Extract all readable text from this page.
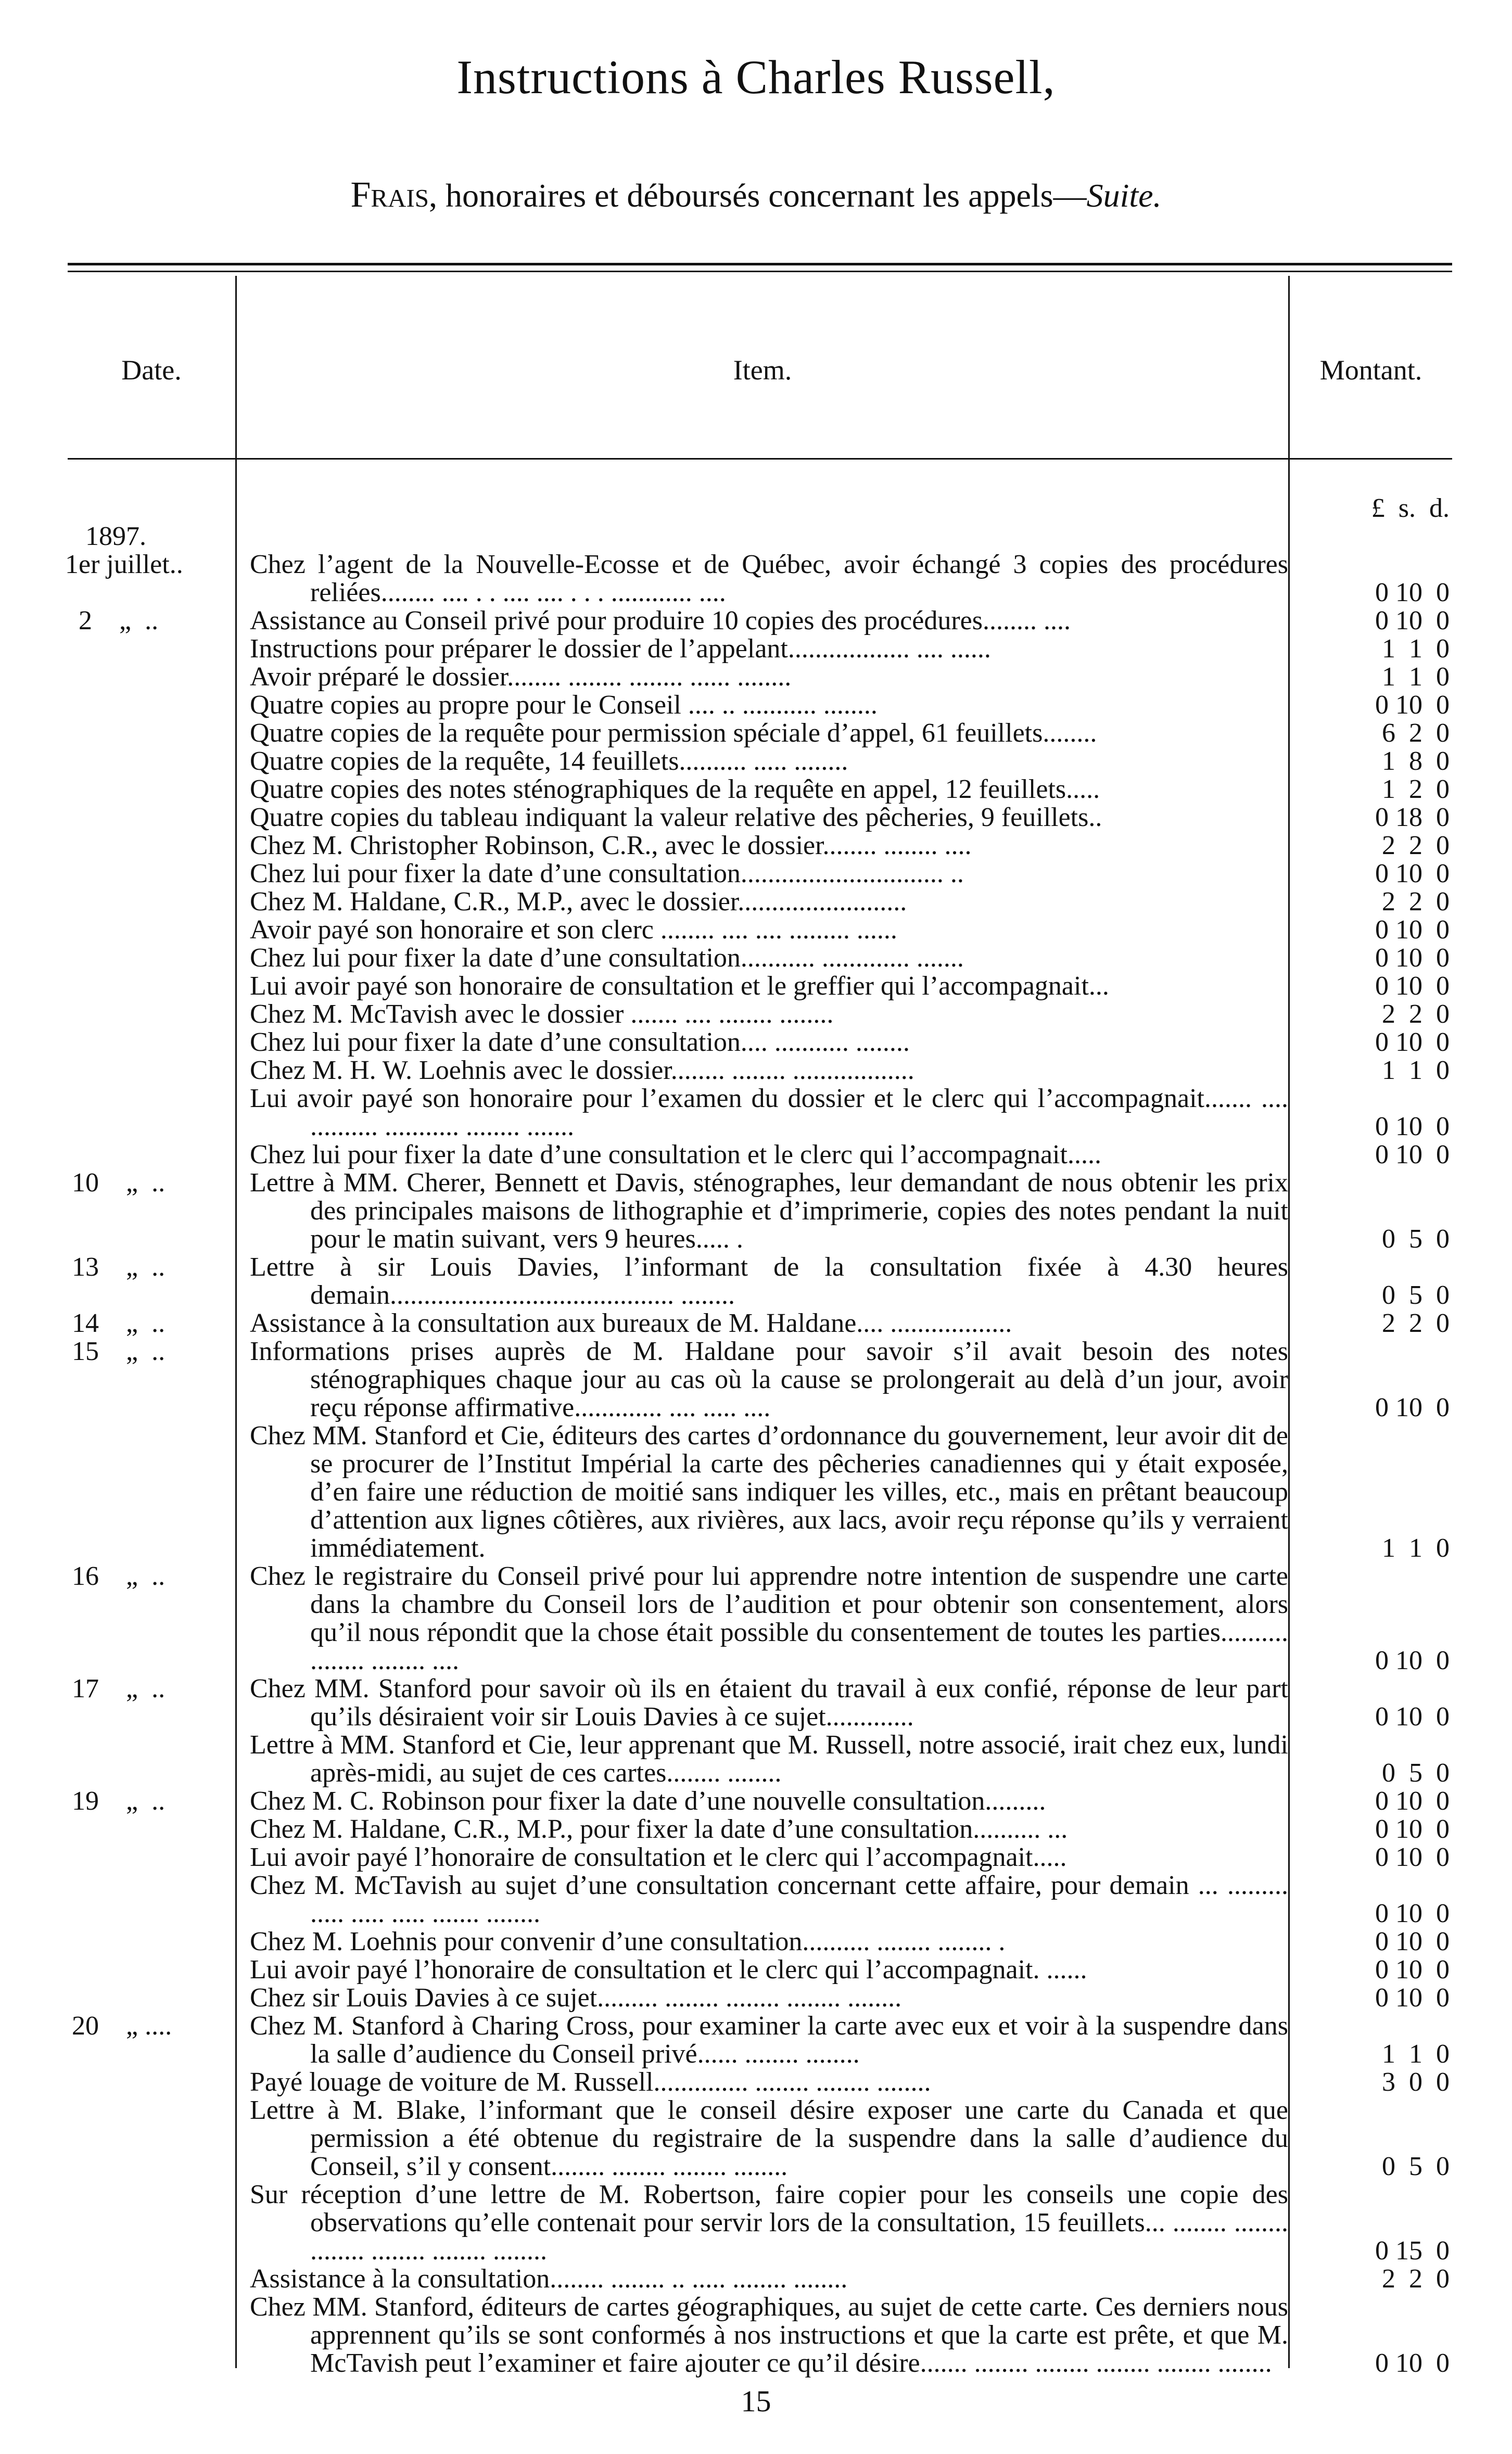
Instructions à Charles Russell,
Frais, honoraires et déboursés concernant les appels—Suite.
Date.	Item.	Montant.
£  s.  d.

1897.

1er juillet..	Chez l’agent de la Nouvelle-Ecosse et de Québec, avoir échangé 3 copies des procédures reliées........ .... . . .... .... . . . ............ ....	0 10  0
2    „  ..	Assistance au Conseil privé pour produire 10 copies des procédures........ ....	0 10  0
Instructions pour préparer le dossier de l’appelant.................. .... ......	1  1  0
Avoir préparé le dossier........ ........ ........ ...... ........	1  1  0
Quatre copies au propre pour le Conseil .... .. ........... ........	0 10  0
Quatre copies de la requête pour permission spéciale d’appel, 61 feuillets........	6  2  0
Quatre copies de la requête, 14 feuillets.......... ..... ........	1  8  0
Quatre copies des notes sténographiques de la requête en appel, 12 feuillets.....	1  2  0
Quatre copies du tableau indiquant la valeur relative des pêcheries, 9 feuillets..	0 18  0
Chez M. Christopher Robinson, C.R., avec le dossier........ ........ ....	2  2  0
Chez lui pour fixer la date d’une consultation.............................. ..	0 10  0
Chez M. Haldane, C.R., M.P., avec le dossier.........................	2  2  0
Avoir payé son honoraire et son clerc ........ .... .... ......... ......	0 10  0
Chez lui pour fixer la date d’une consultation........... ............. .......	0 10  0
Lui avoir payé son honoraire de consultation et le greffier qui l’accompagnait...	0 10  0
Chez M. McTavish avec le dossier ....... .... ........ ........	2  2  0
Chez lui pour fixer la date d’une consultation.... ........... ........	0 10  0
Chez M. H. W. Loehnis avec le dossier........ ........ ..................	1  1  0
Lui avoir payé son honoraire pour l’examen du dossier et le clerc qui l’accompagnait....... .... .......... ........... ........ .......	0 10  0
Chez lui pour fixer la date d’une consultation et le clerc qui l’accompagnait.....	0 10  0
10    „  ..	Lettre à MM. Cherer, Bennett et Davis, sténographes, leur demandant de nous obtenir les prix des principales maisons de lithographie et d’imprimerie, copies des notes pendant la nuit pour le matin suivant, vers 9 heures..... .	0  5  0
13    „  ..	Lettre à sir Louis Davies, l’informant de la consultation fixée à 4.30 heures demain.......................................... ........	0  5  0
14    „  ..	Assistance à la consultation aux bureaux de M. Haldane.... ..................	2  2  0
15    „  ..	Informations prises auprès de M. Haldane pour savoir s’il avait besoin des notes sténographiques chaque jour au cas où la cause se prolongerait au delà d’un jour, avoir reçu réponse affirmative............. .... ..... ....	0 10  0
Chez MM. Stanford et Cie, éditeurs des cartes d’ordonnance du gouvernement, leur avoir dit de se procurer de l’Institut Impérial la carte des pêcheries canadiennes qui y était exposée, d’en faire une réduction de moitié sans indiquer les villes, etc., mais en prêtant beaucoup d’attention aux lignes côtières, aux rivières, aux lacs, avoir reçu réponse qu’ils y verraient immédiatement.	1  1  0
16    „  ..	Chez le registraire du Conseil privé pour lui apprendre notre intention de suspendre une carte dans la chambre du Conseil lors de l’audition et pour obtenir son consentement, alors qu’il nous répondit que la chose était possible du consentement de toutes les parties.......... ........ ........ ....	0 10  0
17    „  ..	Chez MM. Stanford pour savoir où ils en étaient du travail à eux confié, réponse de leur part qu’ils désiraient voir sir Louis Davies à ce sujet.............	0 10  0
Lettre à MM. Stanford et Cie, leur apprenant que M. Russell, notre associé, irait chez eux, lundi après-midi, au sujet de ces cartes........ ........	0  5  0
19    „  ..	Chez M. C. Robinson pour fixer la date d’une nouvelle consultation.........	0 10  0
Chez M. Haldane, C.R., M.P., pour fixer la date d’une consultation.......... ...	0 10  0
Lui avoir payé l’honoraire de consultation et le clerc qui l’accompagnait.....	0 10  0
Chez M. McTavish au sujet d’une consultation concernant cette affaire, pour demain ... ......... ..... ..... ..... ....... ........	0 10  0
Chez M. Loehnis pour convenir d’une consultation.......... ........ ........ .	0 10  0
Lui avoir payé l’honoraire de consultation et le clerc qui l’accompagnait. ......	0 10  0
Chez sir Louis Davies à ce sujet......... ........ ........ ........ ........	0 10  0
20    „ ....	Chez M. Stanford à Charing Cross, pour examiner la carte avec eux et voir à la suspendre dans la salle d’audience du Conseil privé...... ........ ........	1  1  0
Payé louage de voiture de M. Russell.............. ........ ........ ........	3  0  0
Lettre à M. Blake, l’informant que le conseil désire exposer une carte du Canada et que permission a été obtenue du registraire de la suspendre dans la salle d’audience du Conseil, s’il y consent........ ........ ........ ........	0  5  0
Sur réception d’une lettre de M. Robertson, faire copier pour les conseils une copie des observations qu’elle contenait pour servir lors de la consultation, 15 feuillets... ........ ........ ........ ........ ........ ........	0 15  0
Assistance à la consultation........ ........ .. ..... ........ ........	2  2  0
Chez MM. Stanford, éditeurs de cartes géographiques, au sujet de cette carte. Ces derniers nous apprennent qu’ils se sont conformés à nos instructions et que la carte est prête, et que M. McTavish peut l’examiner et faire ajouter ce qu’il désire....... ........ ........ ........ ........ ........	0 10  0
15
